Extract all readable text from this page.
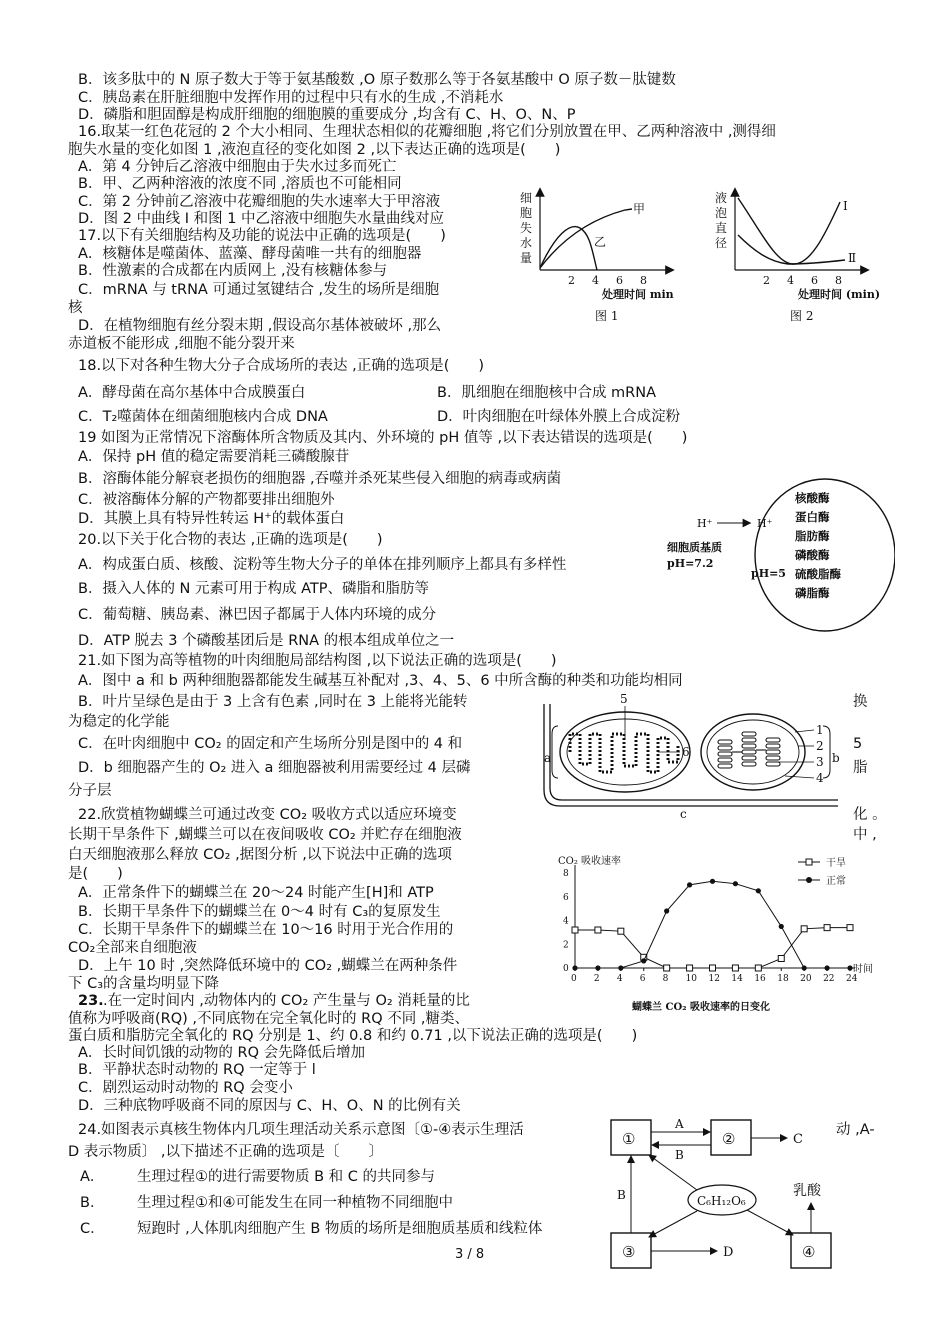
B．该多肽中的 N 原子数大于等于氨基酸数 ,O 原子数那么等于各氨基酸中 O 原子数－肽键数
C．胰岛素在肝脏细胞中发挥作用的过程中只有水的生成 ,不消耗水
D．磷脂和胆固醇是构成肝细胞的细胞膜的重要成分 ,均含有 C、H、O、N、P
16.取某一红色花冠的 2 个大小相同、生理状态相似的花瓣细胞 ,将它们分别放置在甲、乙两种溶液中 ,测得细
胞失水量的变化如图 1 ,液泡直径的变化如图 2 ,以下表达正确的选项是(　　)
A．第 4 分钟后乙溶液中细胞由于失水过多而死亡
B．甲、乙两种溶液的浓度不同 ,溶质也不可能相同
C．第 2 分钟前乙溶液中花瓣细胞的失水速率大于甲溶液
D．图 2 中曲线 Ⅰ 和图 1 中乙溶液中细胞失水量曲线对应
17.以下有关细胞结构及功能的说法中正确的选项是(　　)
A．核糖体是噬菌体、蓝藻、酵母菌唯一共有的细胞器
B．性激素的合成都在内质网上 ,没有核糖体参与
C．mRNA 与 tRNA 可通过氢键结合 ,发生的场所是细胞
核
D．在植物细胞有丝分裂末期 ,假设高尔基体被破坏 ,那么
赤道板不能形成 ,细胞不能分裂开来
18.以下对各种生物大分子合成场所的表达 ,正确的选项是(　　)
A．酵母菌在高尔基体中合成膜蛋白	B．肌细胞在细胞核中合成 mRNA
C．T₂噬菌体在细菌细胞核内合成 DNA	D．叶肉细胞在叶绿体外膜上合成淀粉
19 如图为正常情况下溶酶体所含物质及其内、外环境的 pH 值等 ,以下表达错误的选项是(　　)
A．保持 pH 值的稳定需要消耗三磷酸腺苷
B．溶酶体能分解衰老损伤的细胞器 ,吞噬并杀死某些侵入细胞的病毒或病菌
C．被溶酶体分解的产物都要排出细胞外
D．其膜上具有特异性转运 H⁺的载体蛋白
20.以下关于化合物的表达 ,正确的选项是(　　)
A．构成蛋白质、核酸、淀粉等生物大分子的单体在排列顺序上都具有多样性
B．摄入人体的 N 元素可用于构成 ATP、磷脂和脂肪等
C．葡萄糖、胰岛素、淋巴因子都属于人体内环境的成分
D．ATP 脱去 3 个磷酸基团后是 RNA 的根本组成单位之一
21.如下图为高等植物的叶肉细胞局部结构图 ,以下说法正确的选项是(　　)
A．图中 a 和 b 两种细胞器都能发生碱基互补配对 ,3、4、5、6 中所含酶的种类和功能均相同
B．叶片呈绿色是由于 3 上含有色素 ,同时在 3 上能将光能转	换
为稳定的化学能
C．在叶肉细胞中 CO₂ 的固定和产生场所分别是图中的 4 和	5
D．b 细胞器产生的 O₂ 进入 a 细胞器被利用需要经过 4 层磷	脂
分子层
22.欣赏植物蝴蝶兰可通过改变 CO₂ 吸收方式以适应环境变	化 。
长期干旱条件下 ,蝴蝶兰可以在夜间吸收 CO₂ 并贮存在细胞液	中 ,
白天细胞液那么释放 CO₂ ,据图分析 ,以下说法中正确的选项
是(　　)
A．正常条件下的蝴蝶兰在 20～24 时能产生[H]和 ATP
B．长期干旱条件下的蝴蝶兰在 0～4 时有 C₃的复原发生
C．长期干旱条件下的蝴蝶兰在 10～16 时用于光合作用的
CO₂全部来自细胞液
D．上午 10 时 ,突然降低环境中的 CO₂ ,蝴蝶兰在两种条件
下 C₃的含量均明显下降
23. .在一定时间内 ,动物体内的 CO₂ 产生量与 O₂ 消耗量的比
值称为呼吸商(RQ) ,不同底物在完全氧化时的 RQ 不同 ,糖类、
蛋白质和脂肪完全氧化的 RQ 分别是 1、约 0.8 和约 0.71 ,以下说法正确的选项是(　　)
A．长时间饥饿的动物的 RQ 会先降低后增加
B．平静状态时动物的 RQ 一定等于 l
C．剧烈运动时动物的 RQ 会变小
D．三种底物呼吸商不同的原因与 C、H、O、N 的比例有关
24.如图表示真核生物体内几项生理活动关系示意图〔①-④表示生理活	动 ,A-
D 表示物质〕 ,以下描述不正确的选项是〔　　〕
A． 生理过程①的进行需要物质 B 和 C 的共同参与
B． 生理过程①和④可能发生在同一种植物不同细胞中
C． 短跑时 ,人体肌肉细胞产生 B 物质的场所是细胞质基质和线粒体
细
胞
失
水
量
甲
乙
2 4 6 8
处理时间 min
图 1
液
泡
直
径
Ⅰ
Ⅱ
2 4 6 8
处理时间 (min)
图 2
H⁺	H⁺
细胞质基质
pH=7.2
pH=5
核酸酶
蛋白酶
脂肪酶
磷酸酶
硫酸脂酶
磷脂酶
c
a
5
6
1
2
3
4
b
0 2 4 6 8 10 12 14 16 18 20 22 24
0
2
4
6
8
CO₂ 吸收速率
时间
干旱
正常
蝴蝶兰 CO₂ 吸收速率的日变化
①	②
③	④
A
B
C
B
D
C₆H₁₂O₆
乳酸
3 / 8
